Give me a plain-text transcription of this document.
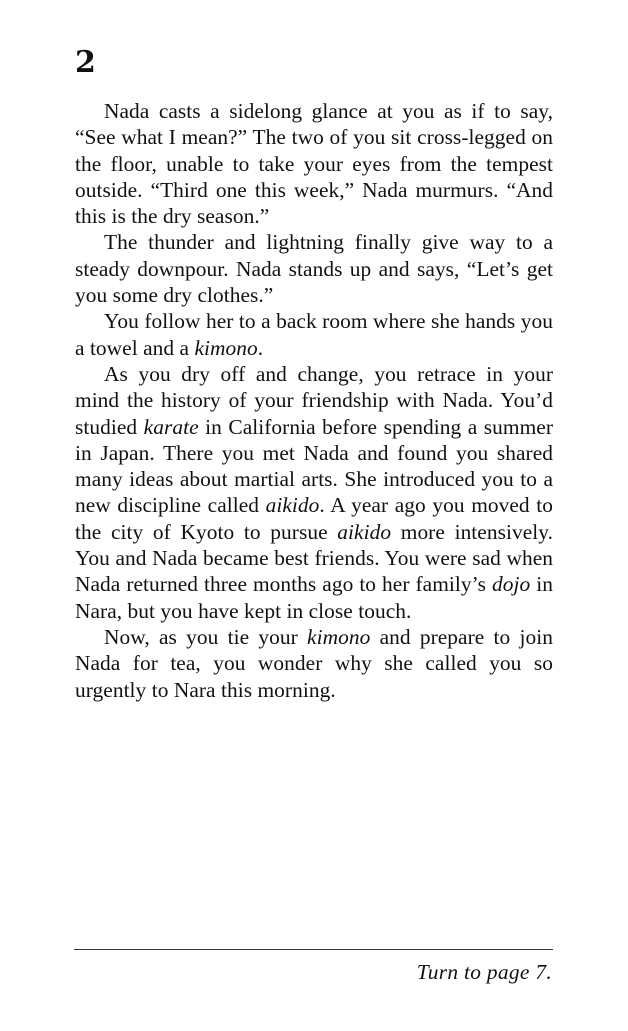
2

Nada casts a sidelong glance at you as if to say, “See what I mean?” The two of you sit cross-legged on the floor, unable to take your eyes from the tempest outside. “Third one this week,” Nada murmurs. “And this is the dry season.”

The thunder and lightning finally give way to a steady downpour. Nada stands up and says, “Let’s get you some dry clothes.”

You follow her to a back room where she hands you a towel and a kimono.

As you dry off and change, you retrace in your mind the history of your friendship with Nada. You’d studied karate in California before spending a summer in Japan. There you met Nada and found you shared many ideas about martial arts. She introduced you to a new discipline called aikido. A year ago you moved to the city of Kyoto to pursue aikido more intensively. You and Nada became best friends. You were sad when Nada returned three months ago to her family’s dojo in Nara, but you have kept in close touch.

Now, as you tie your kimono and prepare to join Nada for tea, you wonder why she called you so urgently to Nara this morning.

Turn to page 7.
